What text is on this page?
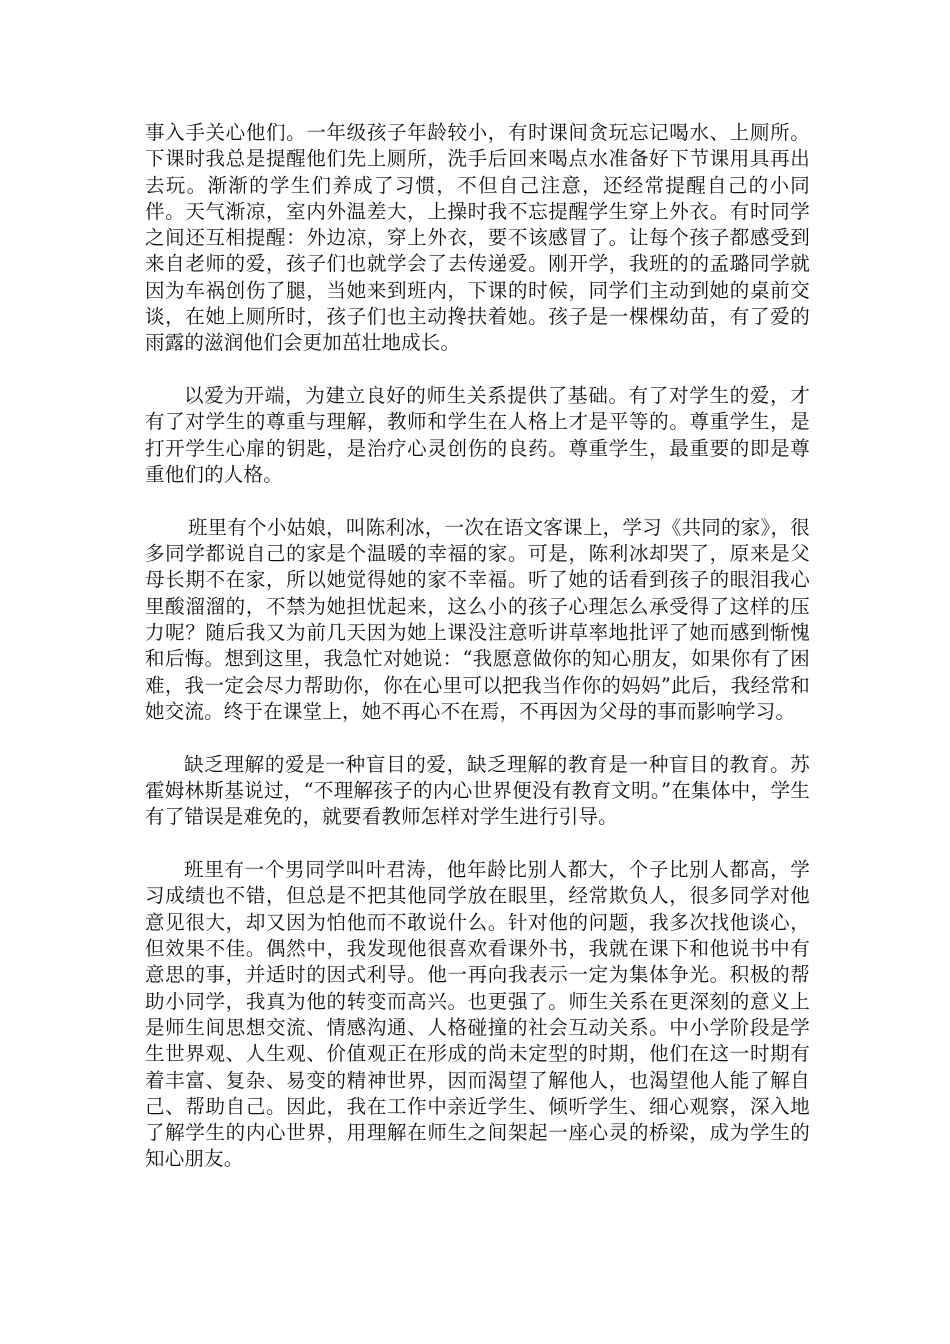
事入手关心他们。一年级孩子年龄较小，有时课间贪玩忘记喝水、上厕所。下课时我总是提醒他们先上厕所，洗手后回来喝点水准备好下节课用具再出去玩。渐渐的学生们养成了习惯，不但自己注意，还经常提醒自己的小同伴。天气渐凉，室内外温差大，上操时我不忘提醒学生穿上外衣。有时同学之间还互相提醒：外边凉，穿上外衣，要不该感冒了。让每个孩子都感受到来自老师的爱，孩子们也就学会了去传递爱。刚开学，我班的的孟璐同学就因为车祸创伤了腿，当她来到班内，下课的时候，同学们主动到她的桌前交谈，在她上厕所时，孩子们也主动搀扶着她。孩子是一棵棵幼苗，有了爱的雨露的滋润他们会更加茁壮地成长。

以爱为开端，为建立良好的师生关系提供了基础。有了对学生的爱，才有了对学生的尊重与理解，教师和学生在人格上才是平等的。尊重学生，是打开学生心扉的钥匙，是治疗心灵创伤的良药。尊重学生，最重要的即是尊重他们的人格。

班里有个小姑娘，叫陈利冰，一次在语文客课上，学习《共同的家》，很多同学都说自己的家是个温暖的幸福的家。可是，陈利冰却哭了，原来是父母长期不在家，所以她觉得她的家不幸福。听了她的话看到孩子的眼泪我心里酸溜溜的，不禁为她担忧起来，这么小的孩子心理怎么承受得了这样的压力呢？随后我又为前几天因为她上课没注意听讲草率地批评了她而感到惭愧和后悔。想到这里，我急忙对她说：“我愿意做你的知心朋友，如果你有了困难，我一定会尽力帮助你，你在心里可以把我当作你的妈妈”此后，我经常和她交流。终于在课堂上，她不再心不在焉，不再因为父母的事而影响学习。

缺乏理解的爱是一种盲目的爱，缺乏理解的教育是一种盲目的教育。苏霍姆林斯基说过，“不理解孩子的内心世界便没有教育文明。”在集体中，学生有了错误是难免的，就要看教师怎样对学生进行引导。

班里有一个男同学叫叶君涛，他年龄比别人都大，个子比别人都高，学习成绩也不错，但总是不把其他同学放在眼里，经常欺负人，很多同学对他意见很大，却又因为怕他而不敢说什么。针对他的问题，我多次找他谈心，但效果不佳。偶然中，我发现他很喜欢看课外书，我就在课下和他说书中有意思的事，并适时的因式利导。他一再向我表示一定为集体争光。积极的帮助小同学，我真为他的转变而高兴。也更强了。师生关系在更深刻的意义上是师生间思想交流、情感沟通、人格碰撞的社会互动关系。中小学阶段是学生世界观、人生观、价值观正在形成的尚未定型的时期，他们在这一时期有着丰富、复杂、易变的精神世界，因而渴望了解他人，也渴望他人能了解自己、帮助自己。因此，我在工作中亲近学生、倾听学生、细心观察，深入地了解学生的内心世界，用理解在师生之间架起一座心灵的桥梁，成为学生的知心朋友。
